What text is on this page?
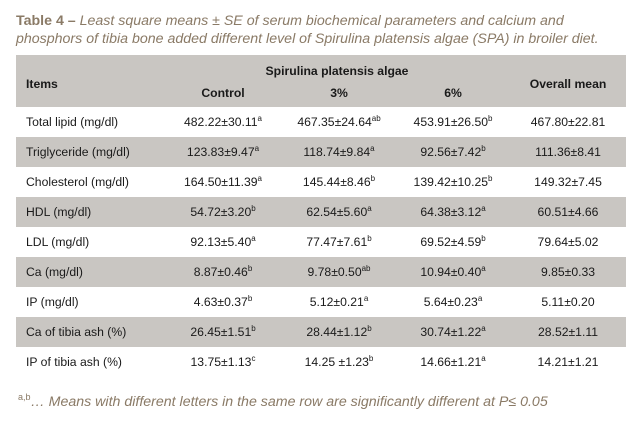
Table 4 – Least square means ± SE of serum biochemical parameters and calcium and phosphors of tibia bone added different level of Spirulina platensis algae (SPA) in broiler diet.
Items	Spirulina platensis algae			Overall mean
	Control	3%	6%	
Total lipid (mg/dl)	482.22±30.11$^a$	467.35±24.64$^{ab}$	453.91±26.50$^b$	467.80±22.81
Triglyceride (mg/dl)	123.83±9.47$^a$	118.74±9.84$^a$	92.56±7.42$^b$	111.36±8.41
Cholesterol (mg/dl)	164.50±11.39$^a$	145.44±8.46$^b$	139.42±10.25$^b$	149.32±7.45
HDL (mg/dl)	54.72±3.20$^b$	62.54±5.60$^a$	64.38±3.12$^a$	60.51±4.66
LDL (mg/dl)	92.13±5.40$^a$	77.47±7.61$^b$	69.52±4.59$^b$	79.64±5.02
Ca (mg/dl)	8.87±0.46$^b$	9.78±0.50$^{ab}$	10.94±0.40$^a$	9.85±0.33
IP (mg/dl)	4.63±0.37$^b$	5.12±0.21$^a$	5.64±0.23$^a$	5.11±0.20
Ca of tibia ash (%)	26.45±1.51$^b$	28.44±1.12$^b$	30.74±1.22$^a$	28.52±1.11
IP of tibia ash (%)	13.75±1.13$^c$	14.25 ±1.23$^b$	14.66±1.21$^a$	14.21±1.21
$^{a,b}$… Means with different letters in the same row are significantly different at P≤ 0.05
